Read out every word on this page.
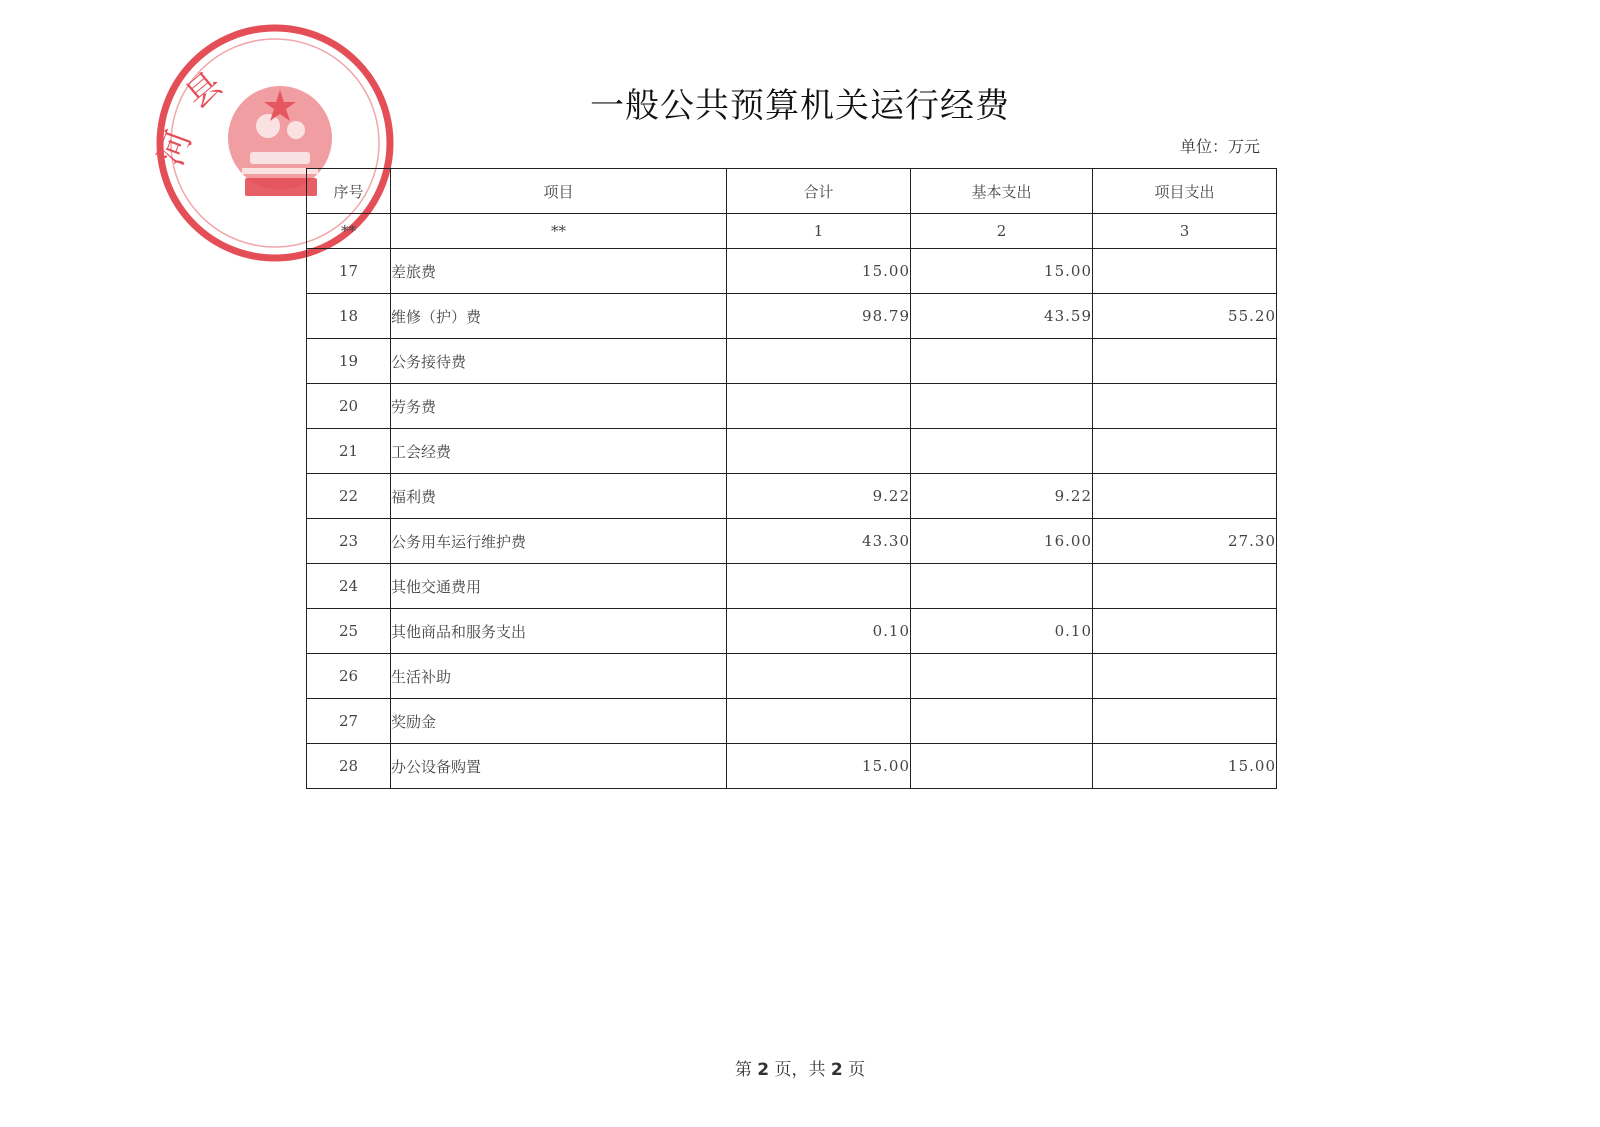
县
河
一般公共预算机关运行经费
单位：万元
序号	项目	合计	基本支出	项目支出
**	**	1	2	3
17	差旅费	15.00	15.00	
18	维修（护）费	98.79	43.59	55.20
19	公务接待费			
20	劳务费			
21	工会经费			
22	福利费	9.22	9.22	
23	公务用车运行维护费	43.30	16.00	27.30
24	其他交通费用			
25	其他商品和服务支出	0.10	0.10	
26	生活补助			
27	奖励金			
28	办公设备购置	15.00		15.00
第 2 页，共 2 页
